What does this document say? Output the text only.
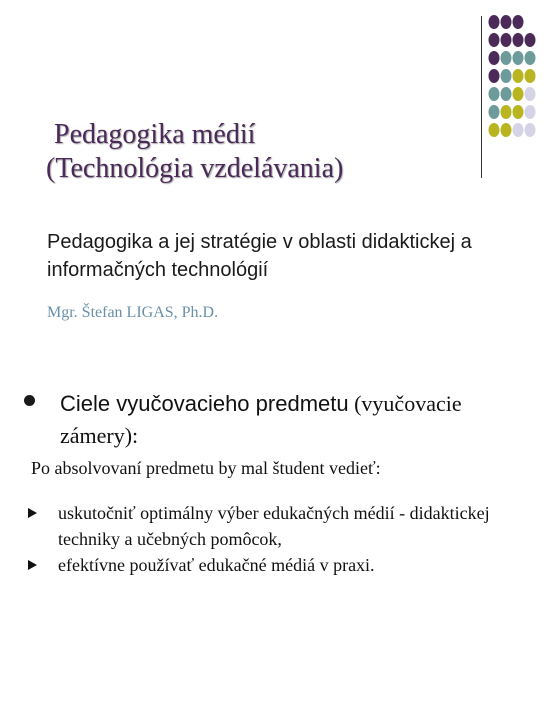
Pedagogika médií
(Technológia vzdelávania)
Pedagogika a jej stratégie v oblasti didaktickej a informačných technológií
Mgr. Štefan LIGAS, Ph.D.
Ciele vyučovacieho predmetu (vyučovacie zámery):
Po absolvovaní predmetu by mal študent vedieť:
uskutočniť optimálny výber edukačných médií - didaktickej techniky a učebných pomôcok,
efektívne používať edukačné médiá v praxi.
